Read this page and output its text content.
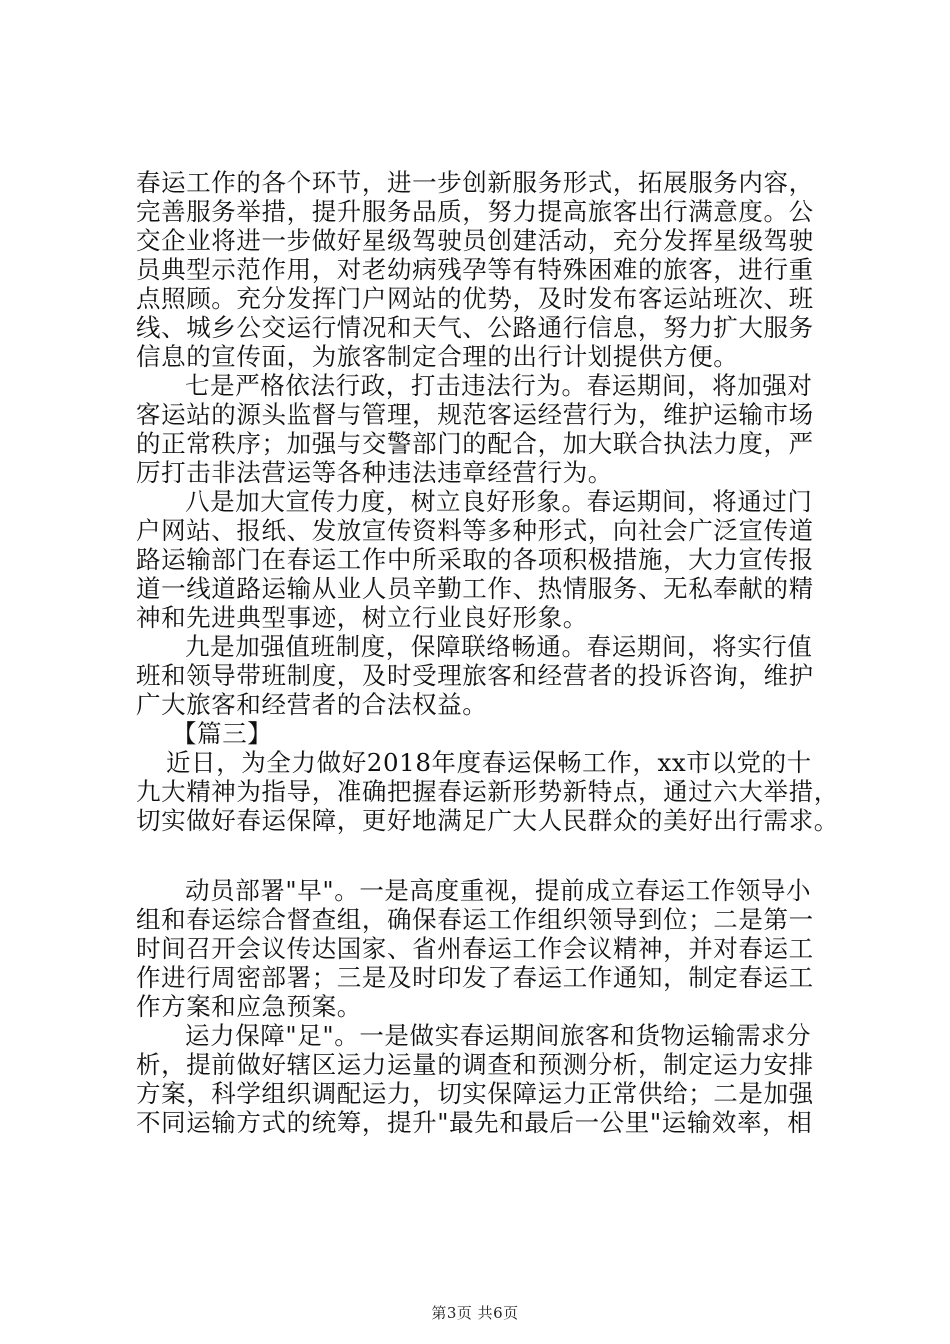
春运工作的各个环节，进一步创新服务形式，拓展服务内容，
完善服务举措，提升服务品质，努力提高旅客出行满意度。公
交企业将进一步做好星级驾驶员创建活动，充分发挥星级驾驶
员典型示范作用，对老幼病残孕等有特殊困难的旅客，进行重
点照顾。充分发挥门户网站的优势，及时发布客运站班次、班
线、城乡公交运行情况和天气、公路通行信息，努力扩大服务
信息的宣传面，为旅客制定合理的出行计划提供方便。
七是严格依法行政，打击违法行为。春运期间，将加强对
客运站的源头监督与管理，规范客运经营行为，维护运输市场
的正常秩序；加强与交警部门的配合，加大联合执法力度，严
厉打击非法营运等各种违法违章经营行为。
八是加大宣传力度，树立良好形象。春运期间，将通过门
户网站、报纸、发放宣传资料等多种形式，向社会广泛宣传道
路运输部门在春运工作中所采取的各项积极措施，大力宣传报
道一线道路运输从业人员辛勤工作、热情服务、无私奉献的精
神和先进典型事迹，树立行业良好形象。
九是加强值班制度，保障联络畅通。春运期间，将实行值
班和领导带班制度，及时受理旅客和经营者的投诉咨询，维护
广大旅客和经营者的合法权益。
【篇三】
近日，为全力做好2018年度春运保畅工作，xx市以党的十
九大精神为指导，准确把握春运新形势新特点，通过六大举措，
切实做好春运保障，更好地满足广大人民群众的美好出行需求。
动员部署"早"。一是高度重视，提前成立春运工作领导小
组和春运综合督查组，确保春运工作组织领导到位；二是第一
时间召开会议传达国家、省州春运工作会议精神，并对春运工
作进行周密部署；三是及时印发了春运工作通知，制定春运工
作方案和应急预案。
运力保障"足"。一是做实春运期间旅客和货物运输需求分
析，提前做好辖区运力运量的调查和预测分析，制定运力安排
方案，科学组织调配运力，切实保障运力正常供给；二是加强
不同运输方式的统筹，提升"最先和最后一公里"运输效率，相
第3页 共6页
